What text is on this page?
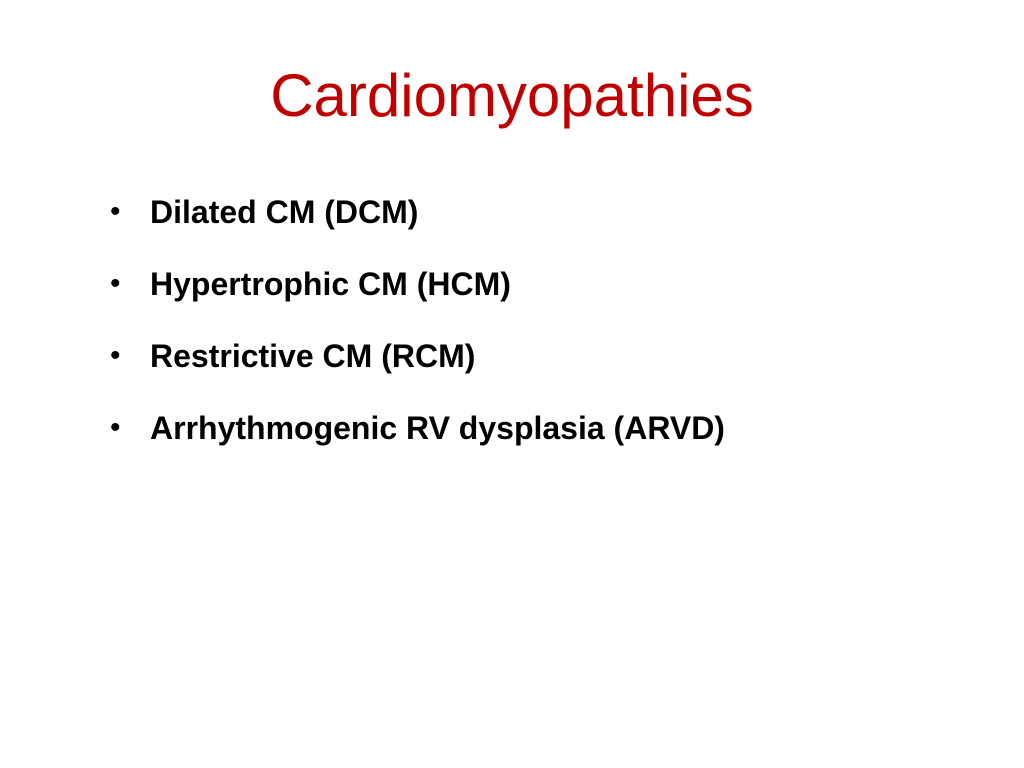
Cardiomyopathies
• Dilated CM (DCM)
• Hypertrophic CM (HCM)
• Restrictive CM (RCM)
• Arrhythmogenic RV dysplasia (ARVD)
